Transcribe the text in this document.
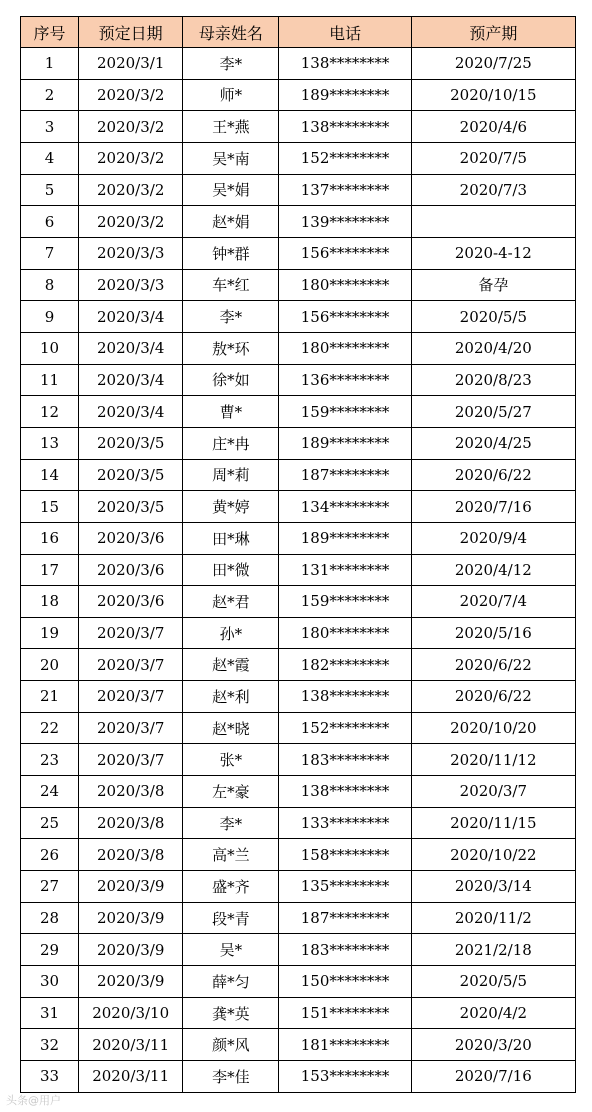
序号	预定日期	母亲姓名	电话	预产期
1	2020/3/1	李*	138********	2020/7/25
2	2020/3/2	师*	189********	2020/10/15
3	2020/3/2	王*燕	138********	2020/4/6
4	2020/3/2	吴*南	152********	2020/7/5
5	2020/3/2	吴*娟	137********	2020/7/3
6	2020/3/2	赵*娟	139********	
7	2020/3/3	钟*群	156********	2020-4-12
8	2020/3/3	车*红	180********	备孕
9	2020/3/4	李*	156********	2020/5/5
10	2020/3/4	敖*环	180********	2020/4/20
11	2020/3/4	徐*如	136********	2020/8/23
12	2020/3/4	曹*	159********	2020/5/27
13	2020/3/5	庄*冉	189********	2020/4/25
14	2020/3/5	周*莉	187********	2020/6/22
15	2020/3/5	黄*婷	134********	2020/7/16
16	2020/3/6	田*琳	189********	2020/9/4
17	2020/3/6	田*微	131********	2020/4/12
18	2020/3/6	赵*君	159********	2020/7/4
19	2020/3/7	孙*	180********	2020/5/16
20	2020/3/7	赵*霞	182********	2020/6/22
21	2020/3/7	赵*利	138********	2020/6/22
22	2020/3/7	赵*晓	152********	2020/10/20
23	2020/3/7	张*	183********	2020/11/12
24	2020/3/8	左*豪	138********	2020/3/7
25	2020/3/8	李*	133********	2020/11/15
26	2020/3/8	高*兰	158********	2020/10/22
27	2020/3/9	盛*齐	135********	2020/3/14
28	2020/3/9	段*青	187********	2020/11/2
29	2020/3/9	吴*	183********	2021/2/18
30	2020/3/9	薛*匀	150********	2020/5/5
31	2020/3/10	龚*英	151********	2020/4/2
32	2020/3/11	颜*风	181********	2020/3/20
33	2020/3/11	李*佳	153********	2020/7/16
头条@用户
